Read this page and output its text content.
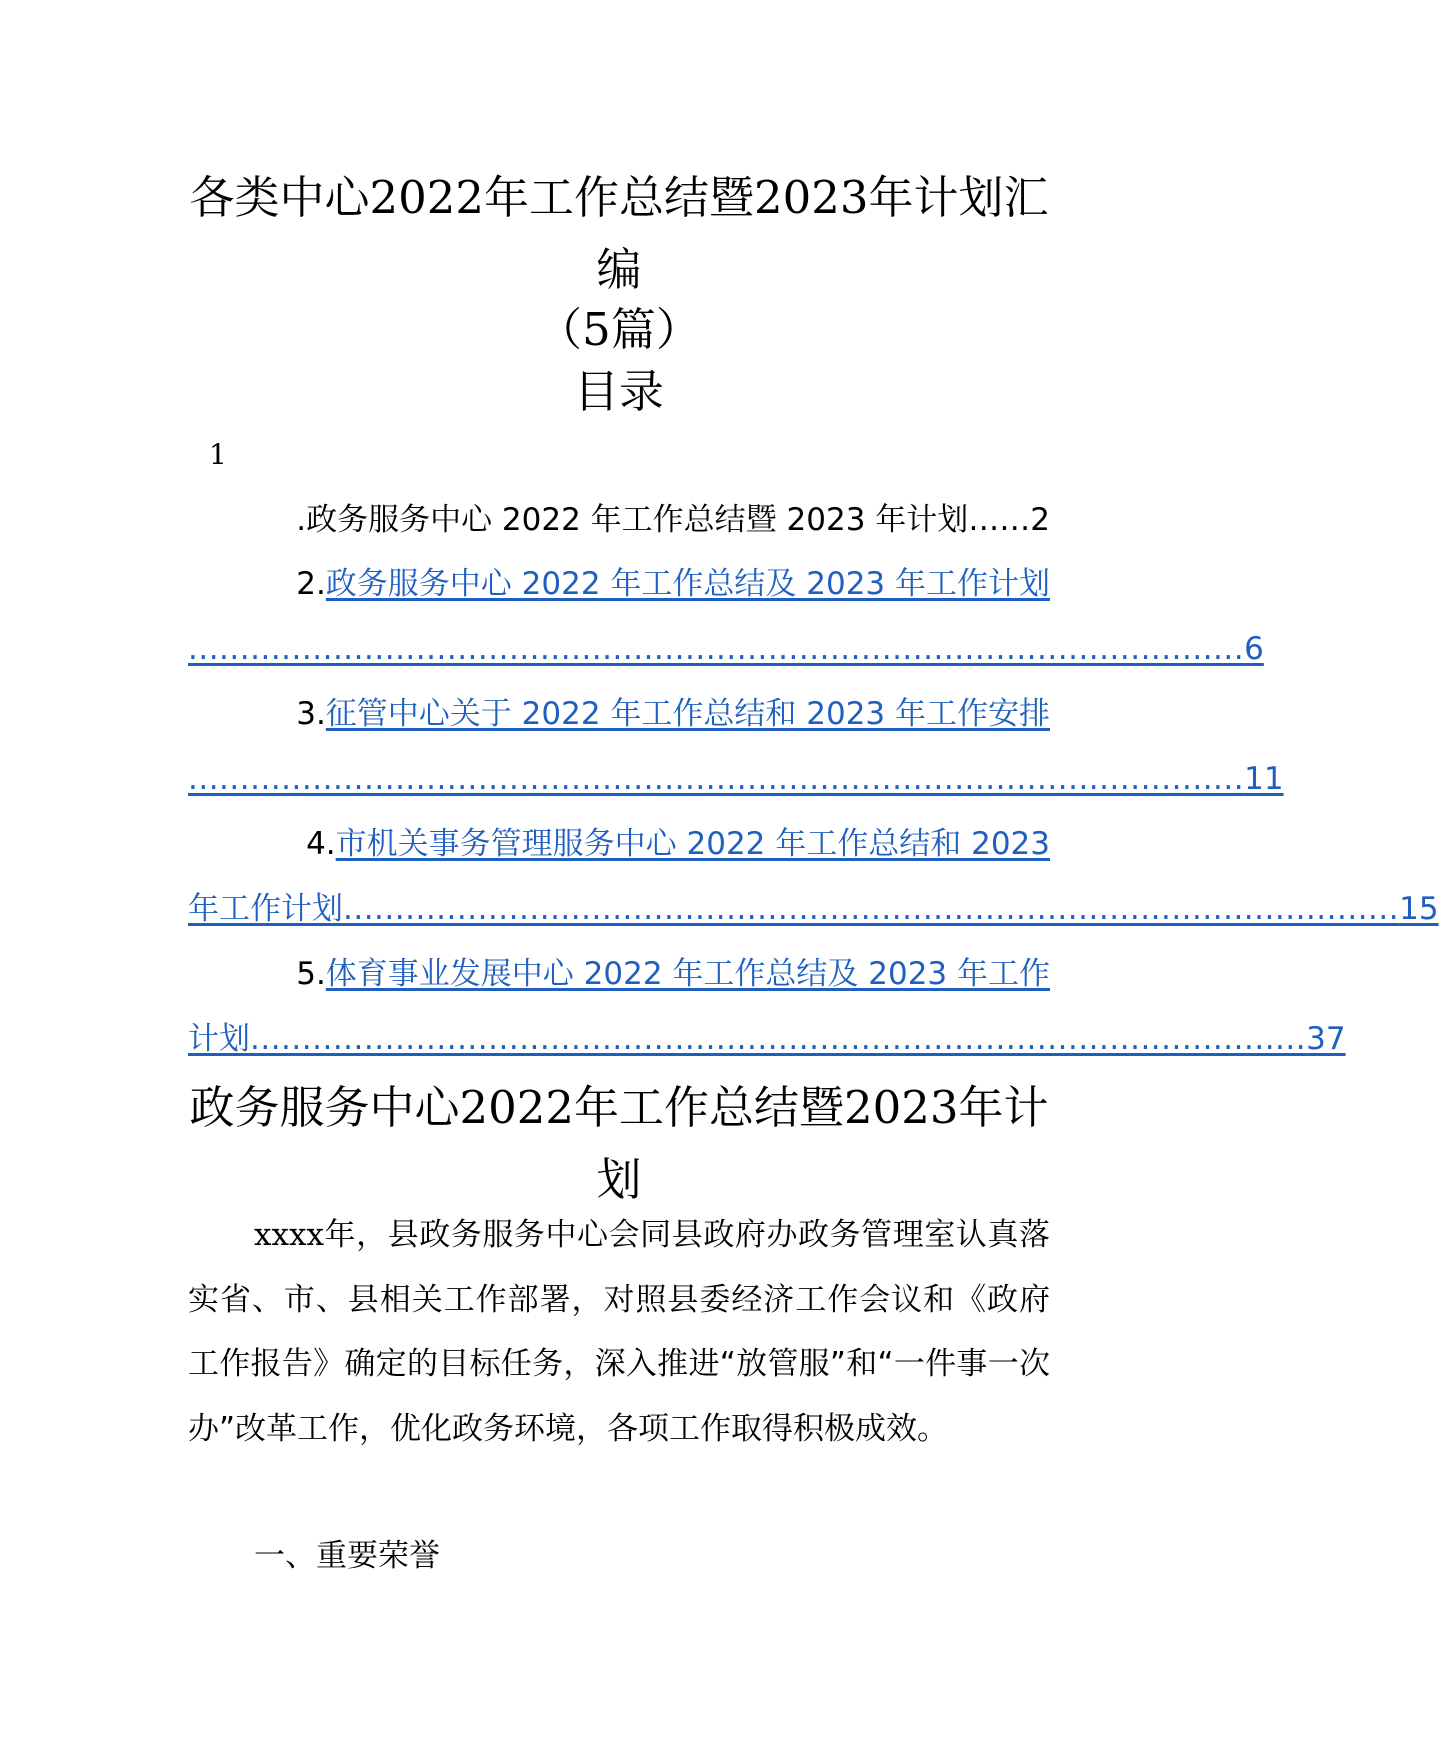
各类中心2022年工作总结暨2023年计划汇
编
（5篇）
目录
1
.政务服务中心 2022 年工作总结暨 2023 年计划……2
2.政务服务中心 2022 年工作总结及 2023 年工作计划
...................................................................................................... 6
3.征管中心关于 2022 年工作总结和 2023 年工作安排
...................................................................................................... 11
4.市机关事务管理服务中心 2022 年工作总结和 2023
年工作计划 ...................................................................................................... 15
5.体育事业发展中心 2022 年工作总结及 2023 年工作
计划 ...................................................................................................... 37
政务服务中心2022年工作总结暨2023年计
划

xxxx年，县政务服务中心会同县政府办政务管理室认真落实省、市、县相关工作部署，对照县委经济工作会议和《政府工作报告》确定的目标任务，深入推进“放管服”和“一件事一次办”改革工作，优化政务环境，各项工作取得积极成效。

一、重要荣誉
